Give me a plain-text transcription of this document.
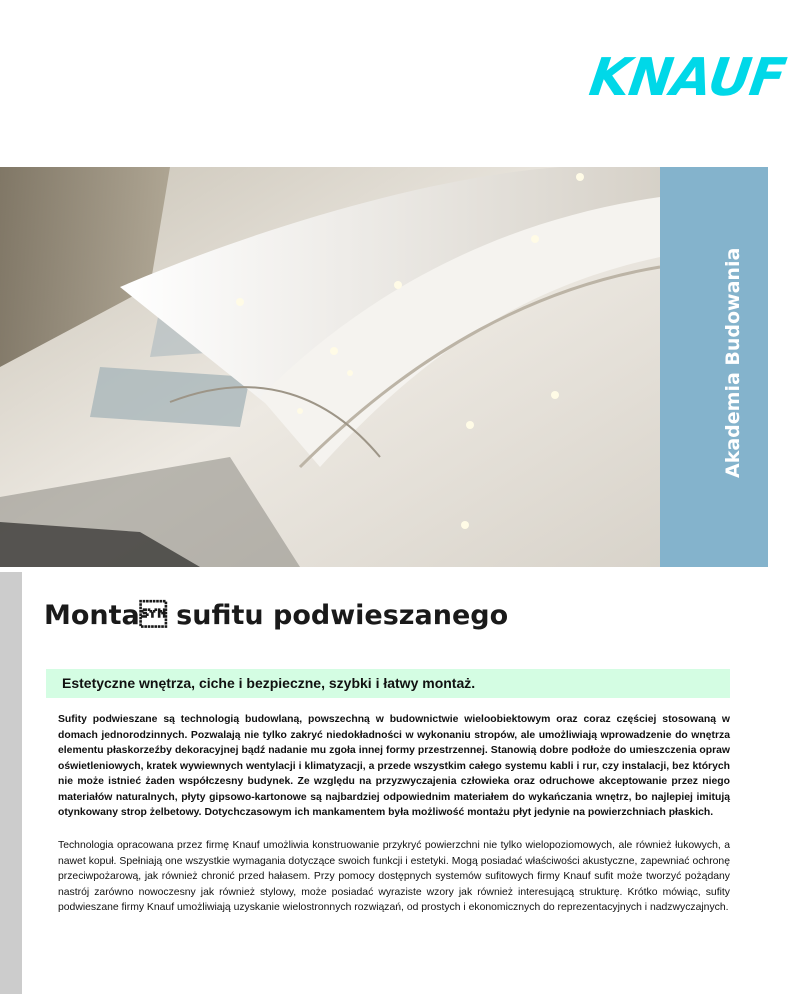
KNAUF
Akademia Budowania
Monta sufitu podwieszanego

Estetyczne wnętrza, ciche i bezpieczne, szybki i łatwy montaż.

Sufity podwieszane są technologią budowlaną, powszechną w budownictwie wieloobiektowym oraz coraz częściej stosowaną w domach jednorodzinnych. Pozwalają nie tylko zakryć niedokładności w wykonaniu stropów, ale umożliwiają wprowadzenie do wnętrza elementu płaskorzeźby dekoracyjnej bądź nadanie mu zgoła innej formy przestrzennej. Stanowią dobre podłoże do umieszczenia opraw oświetleniowych, kratek wywiewnych wentylacji i klimatyzacji, a przede wszystkim całego systemu kabli i rur, czy instalacji, bez których nie może istnieć żaden współczesny budynek. Ze względu na przyzwyczajenia człowieka oraz odruchowe akceptowanie przez niego materiałów naturalnych, płyty gipsowo-kartonowe są najbardziej odpowiednim materiałem do wykańczania wnętrz, bo najlepiej imitują otynkowany strop żelbetowy. Dotychczasowym ich mankamentem była możliwość montażu płyt jedynie na powierzchniach płaskich.

Technologia opracowana przez firmę Knauf umożliwia konstruowanie przykryć powierzchni nie tylko wielopoziomowych, ale również łukowych, a nawet kopuł. Spełniają one wszystkie wymagania dotyczące swoich funkcji i estetyki. Mogą posiadać właściwości akustyczne, zapewniać ochronę przeciwpożarową, jak również chronić przed hałasem. Przy pomocy dostępnych systemów sufitowych firmy Knauf sufit może tworzyć pożądany nastrój zarówno nowoczesny jak również stylowy, może posiadać wyraziste wzory jak również interesującą strukturę. Krótko mówiąc, sufity podwieszane firmy Knauf umożliwiają uzyskanie wielostronnych rozwiązań, od prostych i ekonomicznych do reprezentacyjnych i nadzwyczajnych.
